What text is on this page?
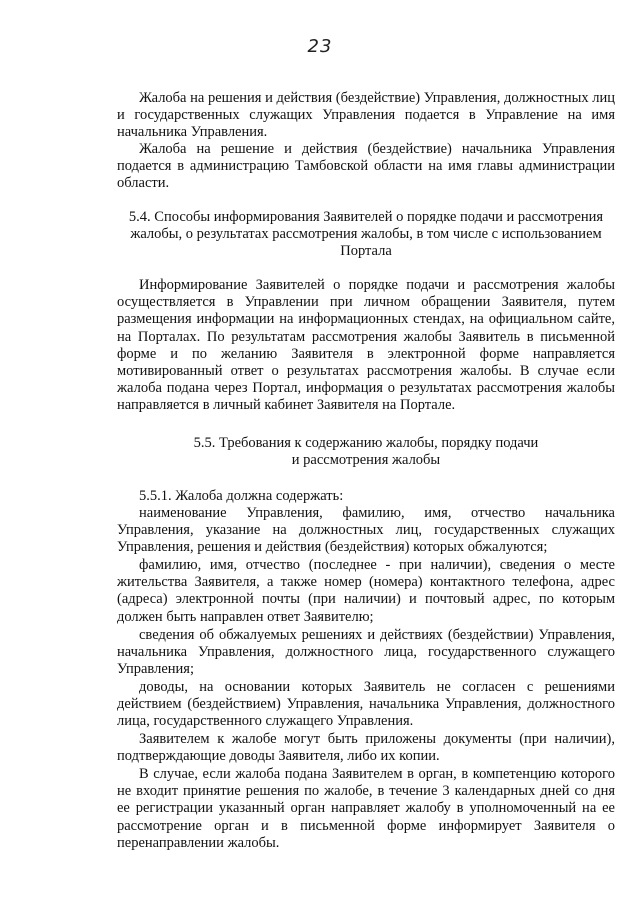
23

Жалоба на решения и действия (бездействие) Управления, должностных лиц и государственных служащих Управления подается в Управление на имя начальника Управления.

Жалоба на решение и действия (бездействие) начальника Управления подается в администрацию Тамбовской области на имя главы администрации области.

5.4. Способы информирования Заявителей о порядке подачи и рассмотрения жалобы, о результатах рассмотрения жалобы, в том числе с использованием Портала

Информирование Заявителей о порядке подачи и рассмотрения жалобы осуществляется в Управлении при личном обращении Заявителя, путем размещения информации на информационных стендах, на официальном сайте, на Порталах. По результатам рассмотрения жалобы Заявитель в письменной форме и по желанию Заявителя в электронной форме направляется мотивированный ответ о результатах рассмотрения жалобы. В случае если жалоба подана через Портал, информация о результатах рассмотрения жалобы направляется в личный кабинет Заявителя на Портале.

5.5. Требования к содержанию жалобы, порядку подачи
и рассмотрения жалобы

5.5.1. Жалоба должна содержать:

наименование Управления, фамилию, имя, отчество начальника Управления, указание на должностных лиц, государственных служащих Управления, решения и действия (бездействия) которых обжалуются;

фамилию, имя, отчество (последнее - при наличии), сведения о месте жительства Заявителя, а также номер (номера) контактного телефона, адрес (адреса) электронной почты (при наличии) и почтовый адрес, по которым должен быть направлен ответ Заявителю;

сведения об обжалуемых решениях и действиях (бездействии) Управления, начальника Управления, должностного лица, государственного служащего Управления;

доводы, на основании которых Заявитель не согласен с решениями действием (бездействием) Управления, начальника Управления, должностного лица, государственного служащего Управления.

Заявителем к жалобе могут быть приложены документы (при наличии), подтверждающие доводы Заявителя, либо их копии.

В случае, если жалоба подана Заявителем в орган, в компетенцию которого не входит принятие решения по жалобе, в течение 3 календарных дней со дня ее регистрации указанный орган направляет жалобу в уполномоченный на ее рассмотрение орган и в письменной форме информирует Заявителя о перенаправлении жалобы.
